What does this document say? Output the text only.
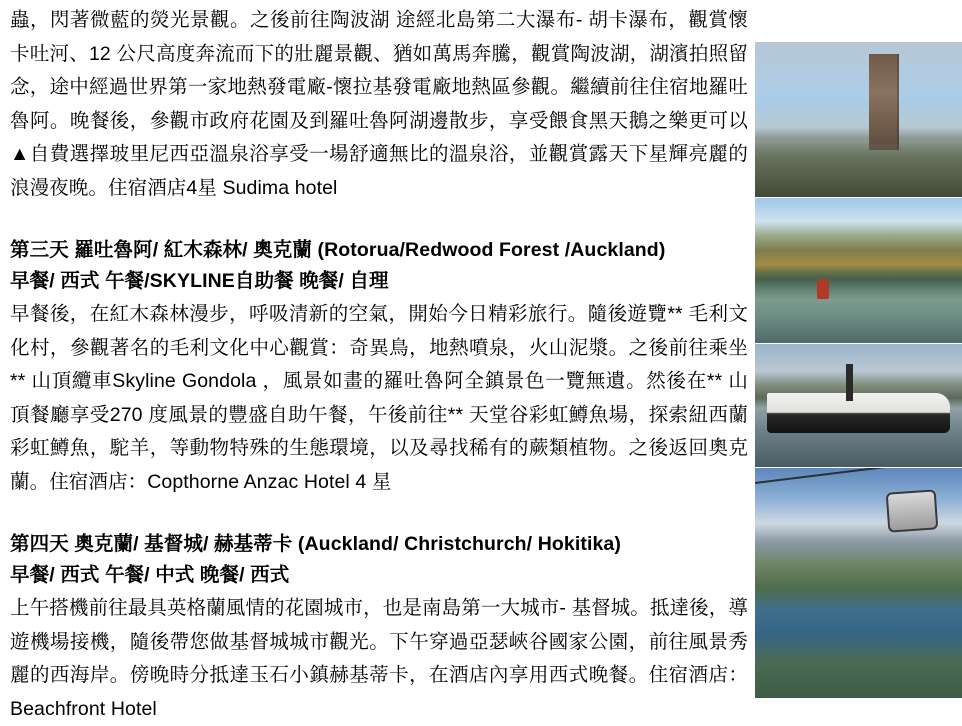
蟲，閃著微藍的熒光景觀。之後前往陶波湖 途經北島第二大瀑布- 胡卡瀑布，觀賞懷卡吐河、12 公尺高度奔流而下的壯麗景觀、猶如萬馬奔騰，觀賞陶波湖，湖濱拍照留念，途中經過世界第一家地熱發電廠-懷拉基發電廠地熱區參觀。繼續前往住宿地羅吐魯阿。晚餐後，參觀市政府花園及到羅吐魯阿湖邊散步，享受餵食黑天鵝之樂更可以▲自費選擇玻里尼西亞溫泉浴享受一場舒適無比的溫泉浴，並觀賞露天下星輝亮麗的浪漫夜晚。住宿酒店4星 Sudima hotel

第三天 羅吐魯阿/ 紅木森林/ 奧克蘭 (Rotorua/Redwood Forest /Auckland)

早餐/ 西式 午餐/SKYLINE自助餐 晚餐/ 自理

早餐後，在紅木森林漫步，呼吸清新的空氣，開始今日精彩旅行。隨後遊覽** 毛利文化村，參觀著名的毛利文化中心觀賞：奇異鳥，地熱噴泉，火山泥漿。之後前往乘坐** 山頂纜車Skyline Gondola ，風景如畫的羅吐魯阿全鎮景色一覽無遺。然後在** 山頂餐廳享受270 度風景的豐盛自助午餐，午後前往** 天堂谷彩虹鱒魚場，探索紐西蘭彩虹鱒魚，駝羊，等動物特殊的生態環境，以及尋找稀有的蕨類植物。之後返回奧克蘭。住宿酒店：Copthorne Anzac Hotel 4 星

第四天 奧克蘭/ 基督城/ 赫基蒂卡 (Auckland/ Christchurch/ Hokitika)

早餐/ 西式 午餐/ 中式 晚餐/ 西式

上午搭機前往最具英格蘭風情的花園城市，也是南島第一大城市- 基督城。抵達後，導遊機場接機，隨後帶您做基督城城市觀光。下午穿過亞瑟峽谷國家公園，前往風景秀麗的西海岸。傍晚時分抵達玉石小鎮赫基蒂卡，在酒店內享用西式晚餐。住宿酒店：Beachfront Hotel
